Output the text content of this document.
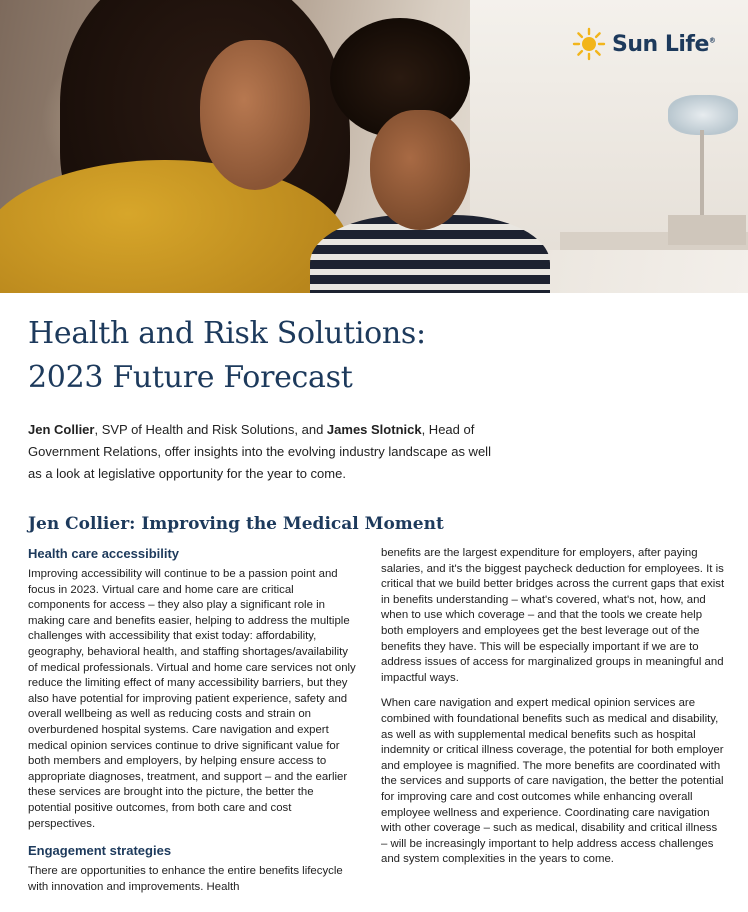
Sun Life®
Health and Risk Solutions:
2023 Future Forecast

Jen Collier, SVP of Health and Risk Solutions, and James Slotnick, Head of Government Relations, offer insights into the evolving industry landscape as well as a look at legislative opportunity for the year to come.

Jen Collier: Improving the Medical Moment
Health care accessibility

Improving accessibility will continue to be a passion point and focus in 2023. Virtual care and home care are critical components for access – they also play a significant role in making care and benefits easier, helping to address the multiple challenges with accessibility that exist today: affordability, geography, behavioral health, and staffing shortages/availability of medical professionals. Virtual and home care services not only reduce the limiting effect of many accessibility barriers, but they also have potential for improving patient experience, safety and overall wellbeing as well as reducing costs and strain on overburdened hospital systems. Care navigation and expert medical opinion services continue to drive significant value for both members and employers, by helping ensure access to appropriate diagnoses, treatment, and support – and the earlier these services are brought into the picture, the better the potential positive outcomes, from both care and cost perspectives.

Engagement strategies

There are opportunities to enhance the entire benefits lifecycle with innovation and improvements. Health

benefits are the largest expenditure for employers, after paying salaries, and it's the biggest paycheck deduction for employees. It is critical that we build better bridges across the current gaps that exist in benefits understanding – what's covered, what's not, how, and when to use which coverage – and that the tools we create help both employers and employees get the best leverage out of the benefits they have. This will be especially important if we are to address issues of access for marginalized groups in meaningful and impactful ways.

When care navigation and expert medical opinion services are combined with foundational benefits such as medical and disability, as well as with supplemental medical benefits such as hospital indemnity or critical illness coverage, the potential for both employer and employee is magnified. The more benefits are coordinated with the services and supports of care navigation, the better the potential for improving care and cost outcomes while enhancing overall employee wellness and experience. Coordinating care navigation with other coverage – such as medical, disability and critical illness – will be increasingly important to help address access challenges and system complexities in the years to come.
